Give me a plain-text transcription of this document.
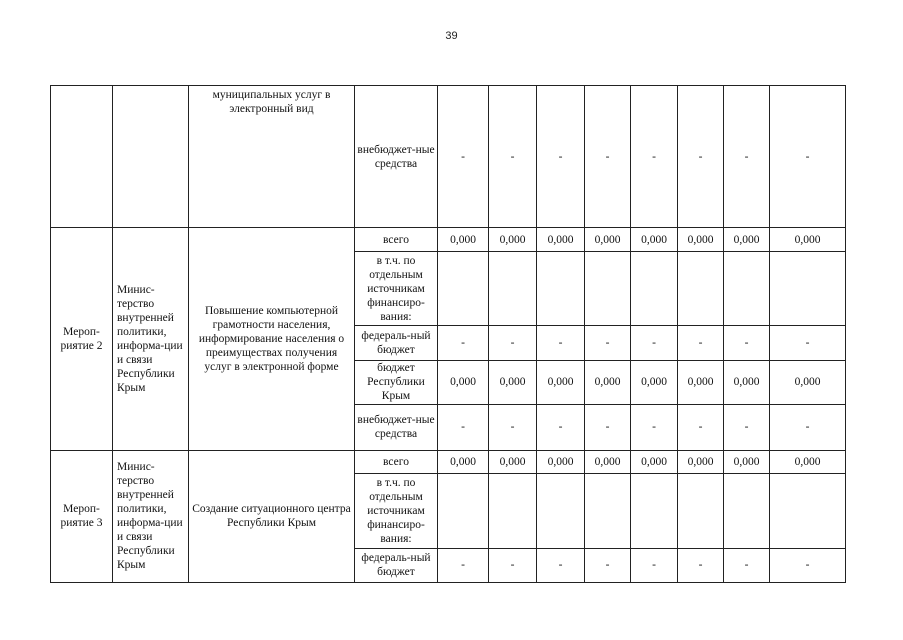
39
		муниципальных услуг в электронный вид	внебюджет-ные средства	-	-	-	-	-	-	-	-
Мероп-риятие 2	Минис-терство внутренней политики, информа-ции и связи Республики Крым	Повышение компьютерной грамотности населения, информирование населения о преимуществах получения услуг в электронной форме	всего	0,000	0,000	0,000	0,000	0,000	0,000	0,000	0,000
			в т.ч. по отдельным источникам финансиро-вания:								
			федераль-ный бюджет	-	-	-	-	-	-	-	-
			бюджет Республики Крым	0,000	0,000	0,000	0,000	0,000	0,000	0,000	0,000
			внебюджет-ные средства	-	-	-	-	-	-	-	-
Мероп-риятие 3	Минис-терство внутренней политики, информа-ции и связи Республики Крым	Создание ситуационного центра Республики Крым	всего	0,000	0,000	0,000	0,000	0,000	0,000	0,000	0,000
			в т.ч. по отдельным источникам финансиро-вания:								
			федераль-ный бюджет	-	-	-	-	-	-	-	-
